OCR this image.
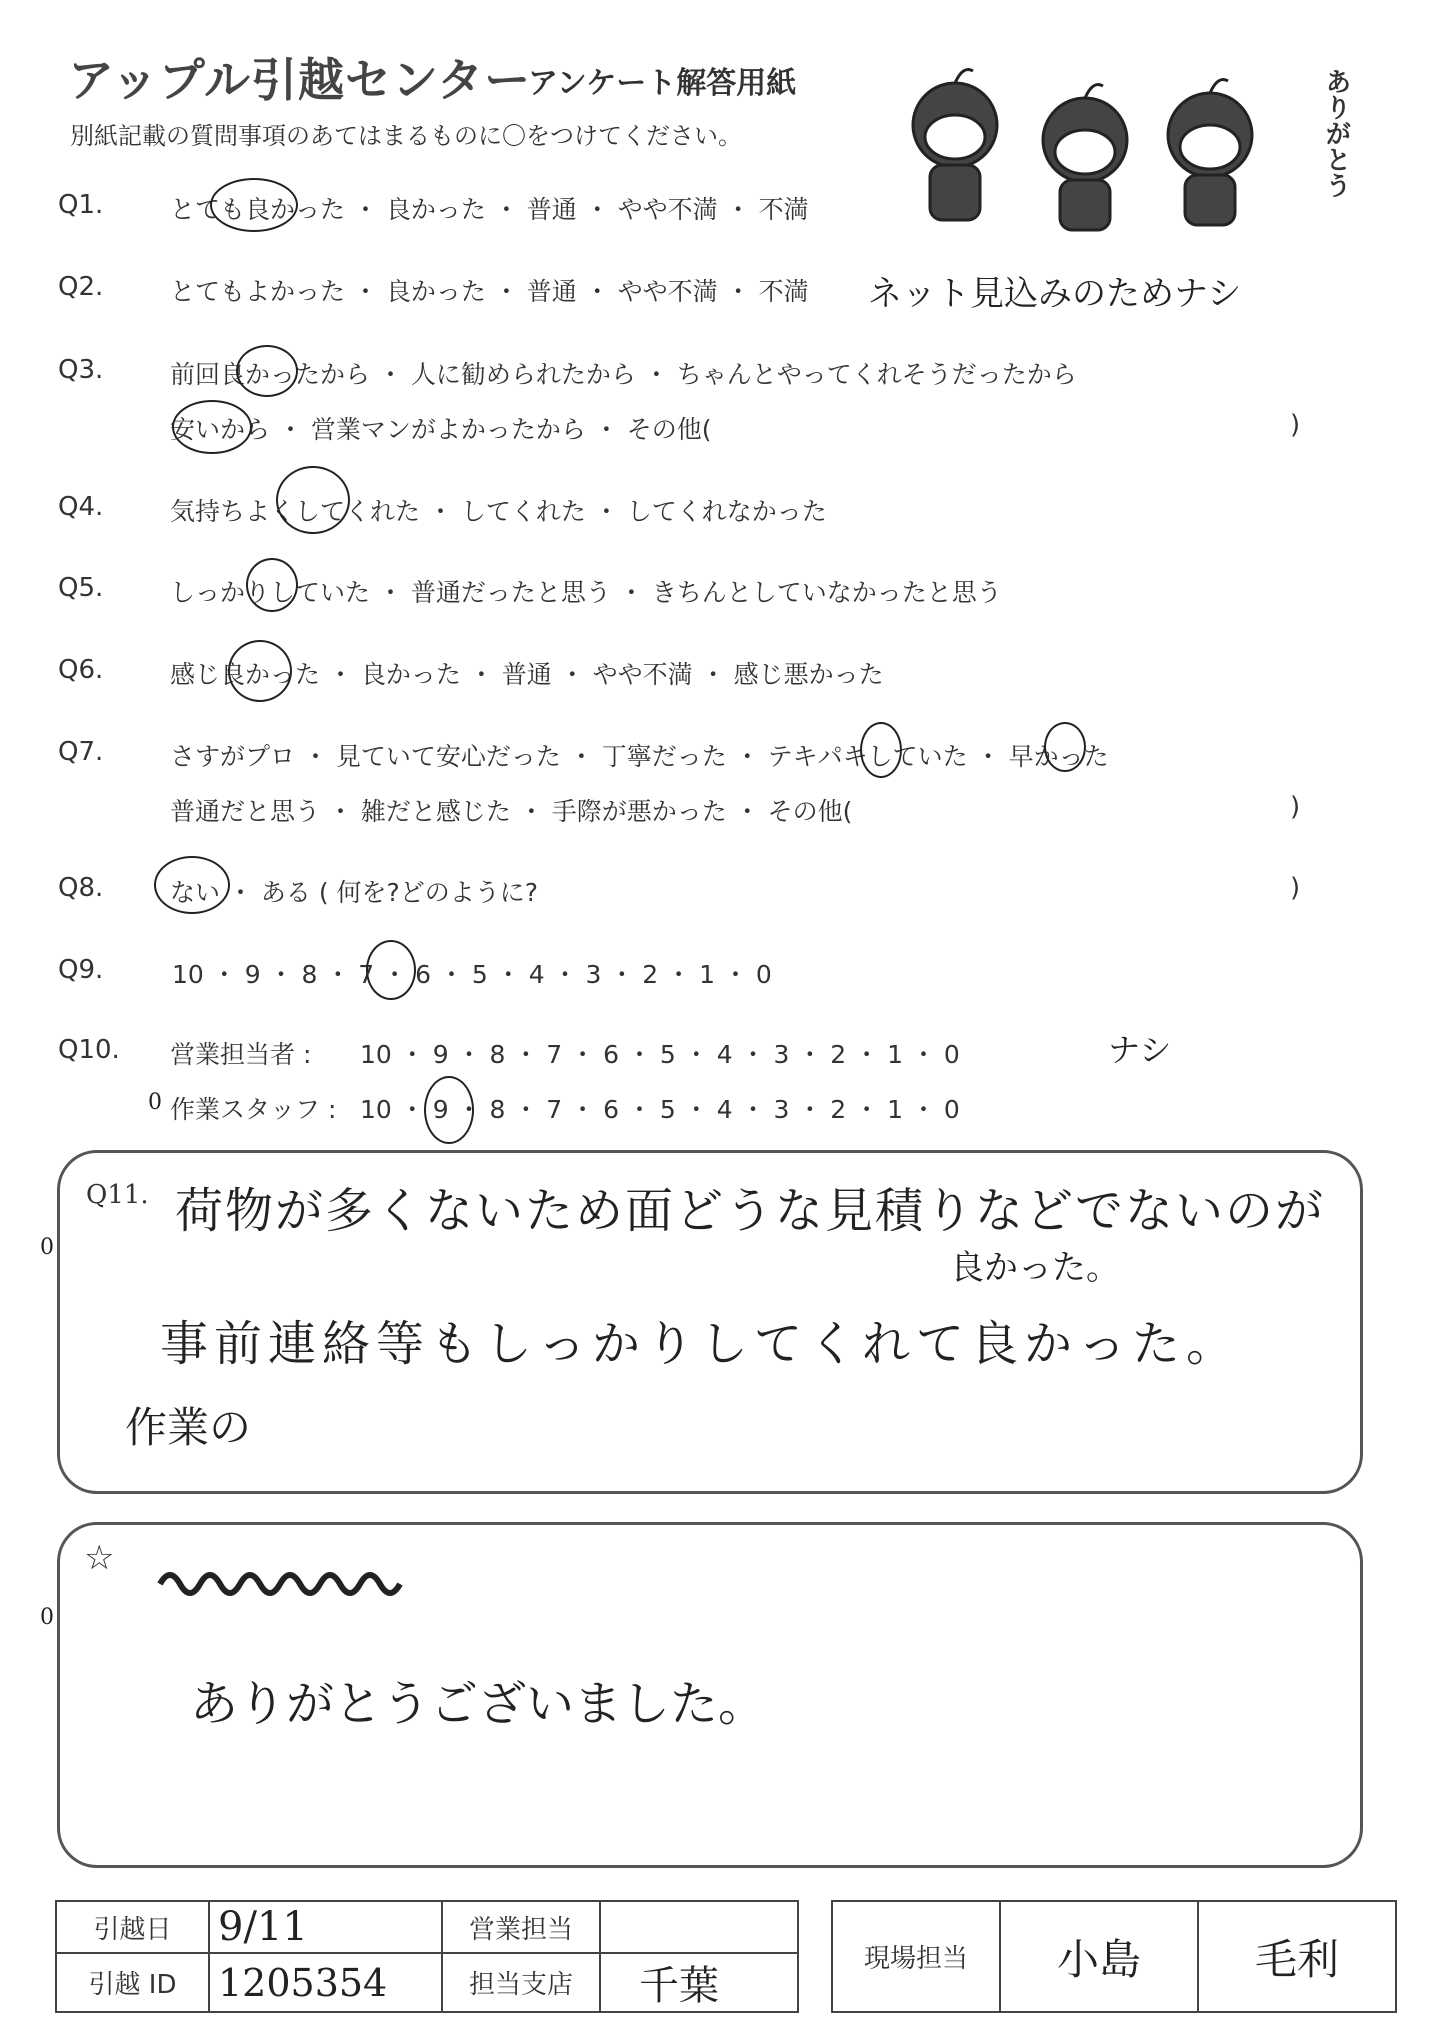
アップル引越センター
アンケート解答用紙
別紙記載の質問事項のあてはまるものに〇をつけてください。	ありがとう
Q1.	とても良かった ・ 良かった ・ 普通 ・ やや不満 ・ 不満
Q2.	とてもよかった ・ 良かった ・ 普通 ・ やや不満 ・ 不満 ネット見込みのためナシ
Q3.	前回良かったから ・ 人に勧められたから ・ ちゃんとやってくれそうだったから
安いから ・ 営業マンがよかったから ・ その他(	)
Q4.	気持ちよくしてくれた ・ してくれた ・ してくれなかった
Q5.	しっかりしていた ・ 普通だったと思う ・ きちんとしていなかったと思う
Q6.	感じ良かった ・ 良かった ・ 普通 ・ やや不満 ・ 感じ悪かった
Q7.	さすがプロ ・ 見ていて安心だった ・ 丁寧だった ・ テキパキしていた ・ 早かった
普通だと思う ・ 雑だと感じた ・ 手際が悪かった ・ その他(	)
Q8.	ない ・ ある ( 何を?どのように?	)
Q9.	10 ・ 9 ・ 8 ・ 7 ・ 6 ・ 5 ・ 4 ・ 3 ・ 2 ・ 1 ・ 0
Q10. 営業担当者 : 10 ・ 9 ・ 8 ・ 7 ・ 6 ・ 5 ・ 4 ・ 3 ・ 2 ・ 1 ・ 0	ナシ
0 作業スタッフ : 10 ・ 9 ・ 8 ・ 7 ・ 6 ・ 5 ・ 4 ・ 3 ・ 2 ・ 1 ・ 0
Q11. 荷物が多くないため面どうな見積りなどでないのが
良かった。
事前連絡等もしっかりしてくれて良かった。
作業の
0
☆
0
ありがとうございました。
引越日	9/11	営業担当			現場担当	小島	毛利
引越 ID	1205354	担当支店	千葉				
